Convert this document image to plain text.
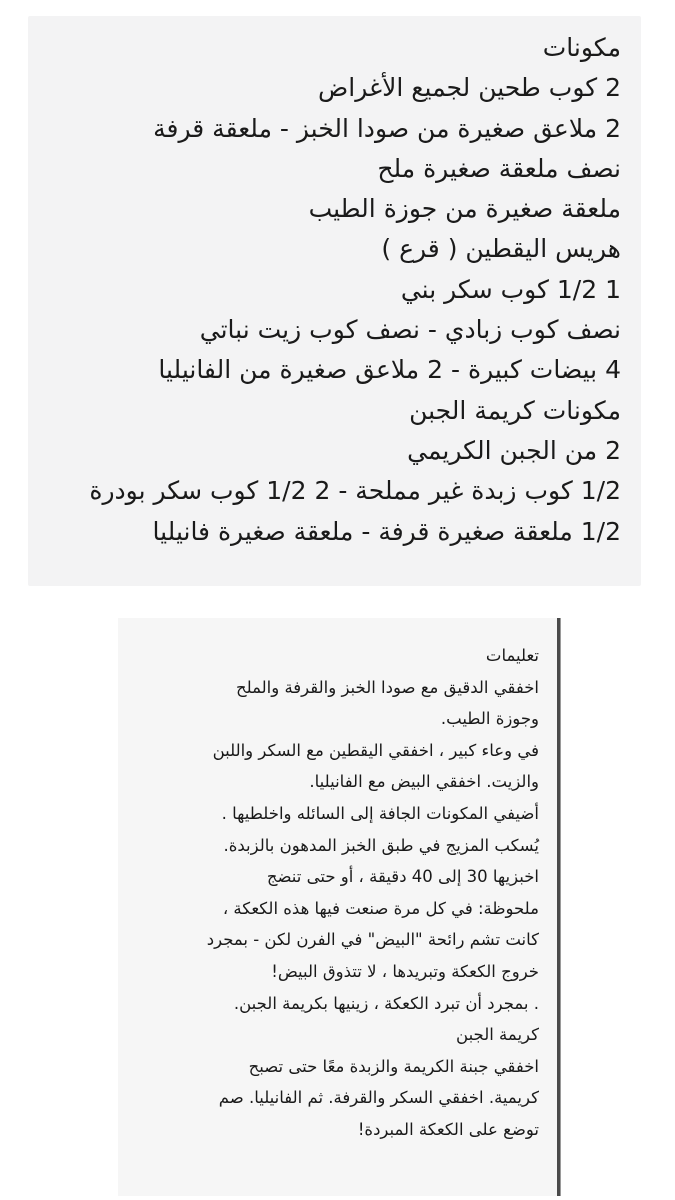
مكونات

2 كوب طحين لجميع الأغراض

2 ملاعق صغيرة من صودا الخبز - ملعقة قرفة

نصف ملعقة صغيرة ملح

ملعقة صغيرة من جوزة الطيب

هريس اليقطين ( قرع )

1 1/2 كوب سكر بني

نصف كوب زبادي - نصف كوب زيت نباتي

4 بيضات كبيرة - 2 ملاعق صغيرة من الفانيليا

مكونات كريمة الجبن

2 من الجبن الكريمي

1/2 كوب زبدة غير مملحة - 2 1/2 كوب سكر بودرة

1/2 ملعقة صغيرة قرفة - ملعقة صغيرة فانيليا

تعليمات

اخفقي الدقيق مع صودا الخبز والقرفة والملح

وجوزة الطيب.

في وعاء كبير ، اخفقي اليقطين مع السكر واللبن

والزيت. اخفقي البيض مع الفانيليا.

أضيفي المكونات الجافة إلى السائله واخلطيها .

يُسكب المزيج في طبق الخبز المدهون بالزبدة.

اخبزيها 30 إلى 40 دقيقة ، أو حتى تنضج

ملحوظة: في كل مرة صنعت فيها هذه الكعكة ،

كانت تشم رائحة "البيض" في الفرن لكن - بمجرد

خروج الكعكة وتبريدها ، لا تتذوق البيض!

. بمجرد أن تبرد الكعكة ، زينيها بكريمة الجبن.

كريمة الجبن

اخفقي جبنة الكريمة والزبدة معًا حتى تصبح

كريمية. اخفقي السكر والقرفة. ثم الفانيليا. صم

توضع على الكعكة المبردة!
